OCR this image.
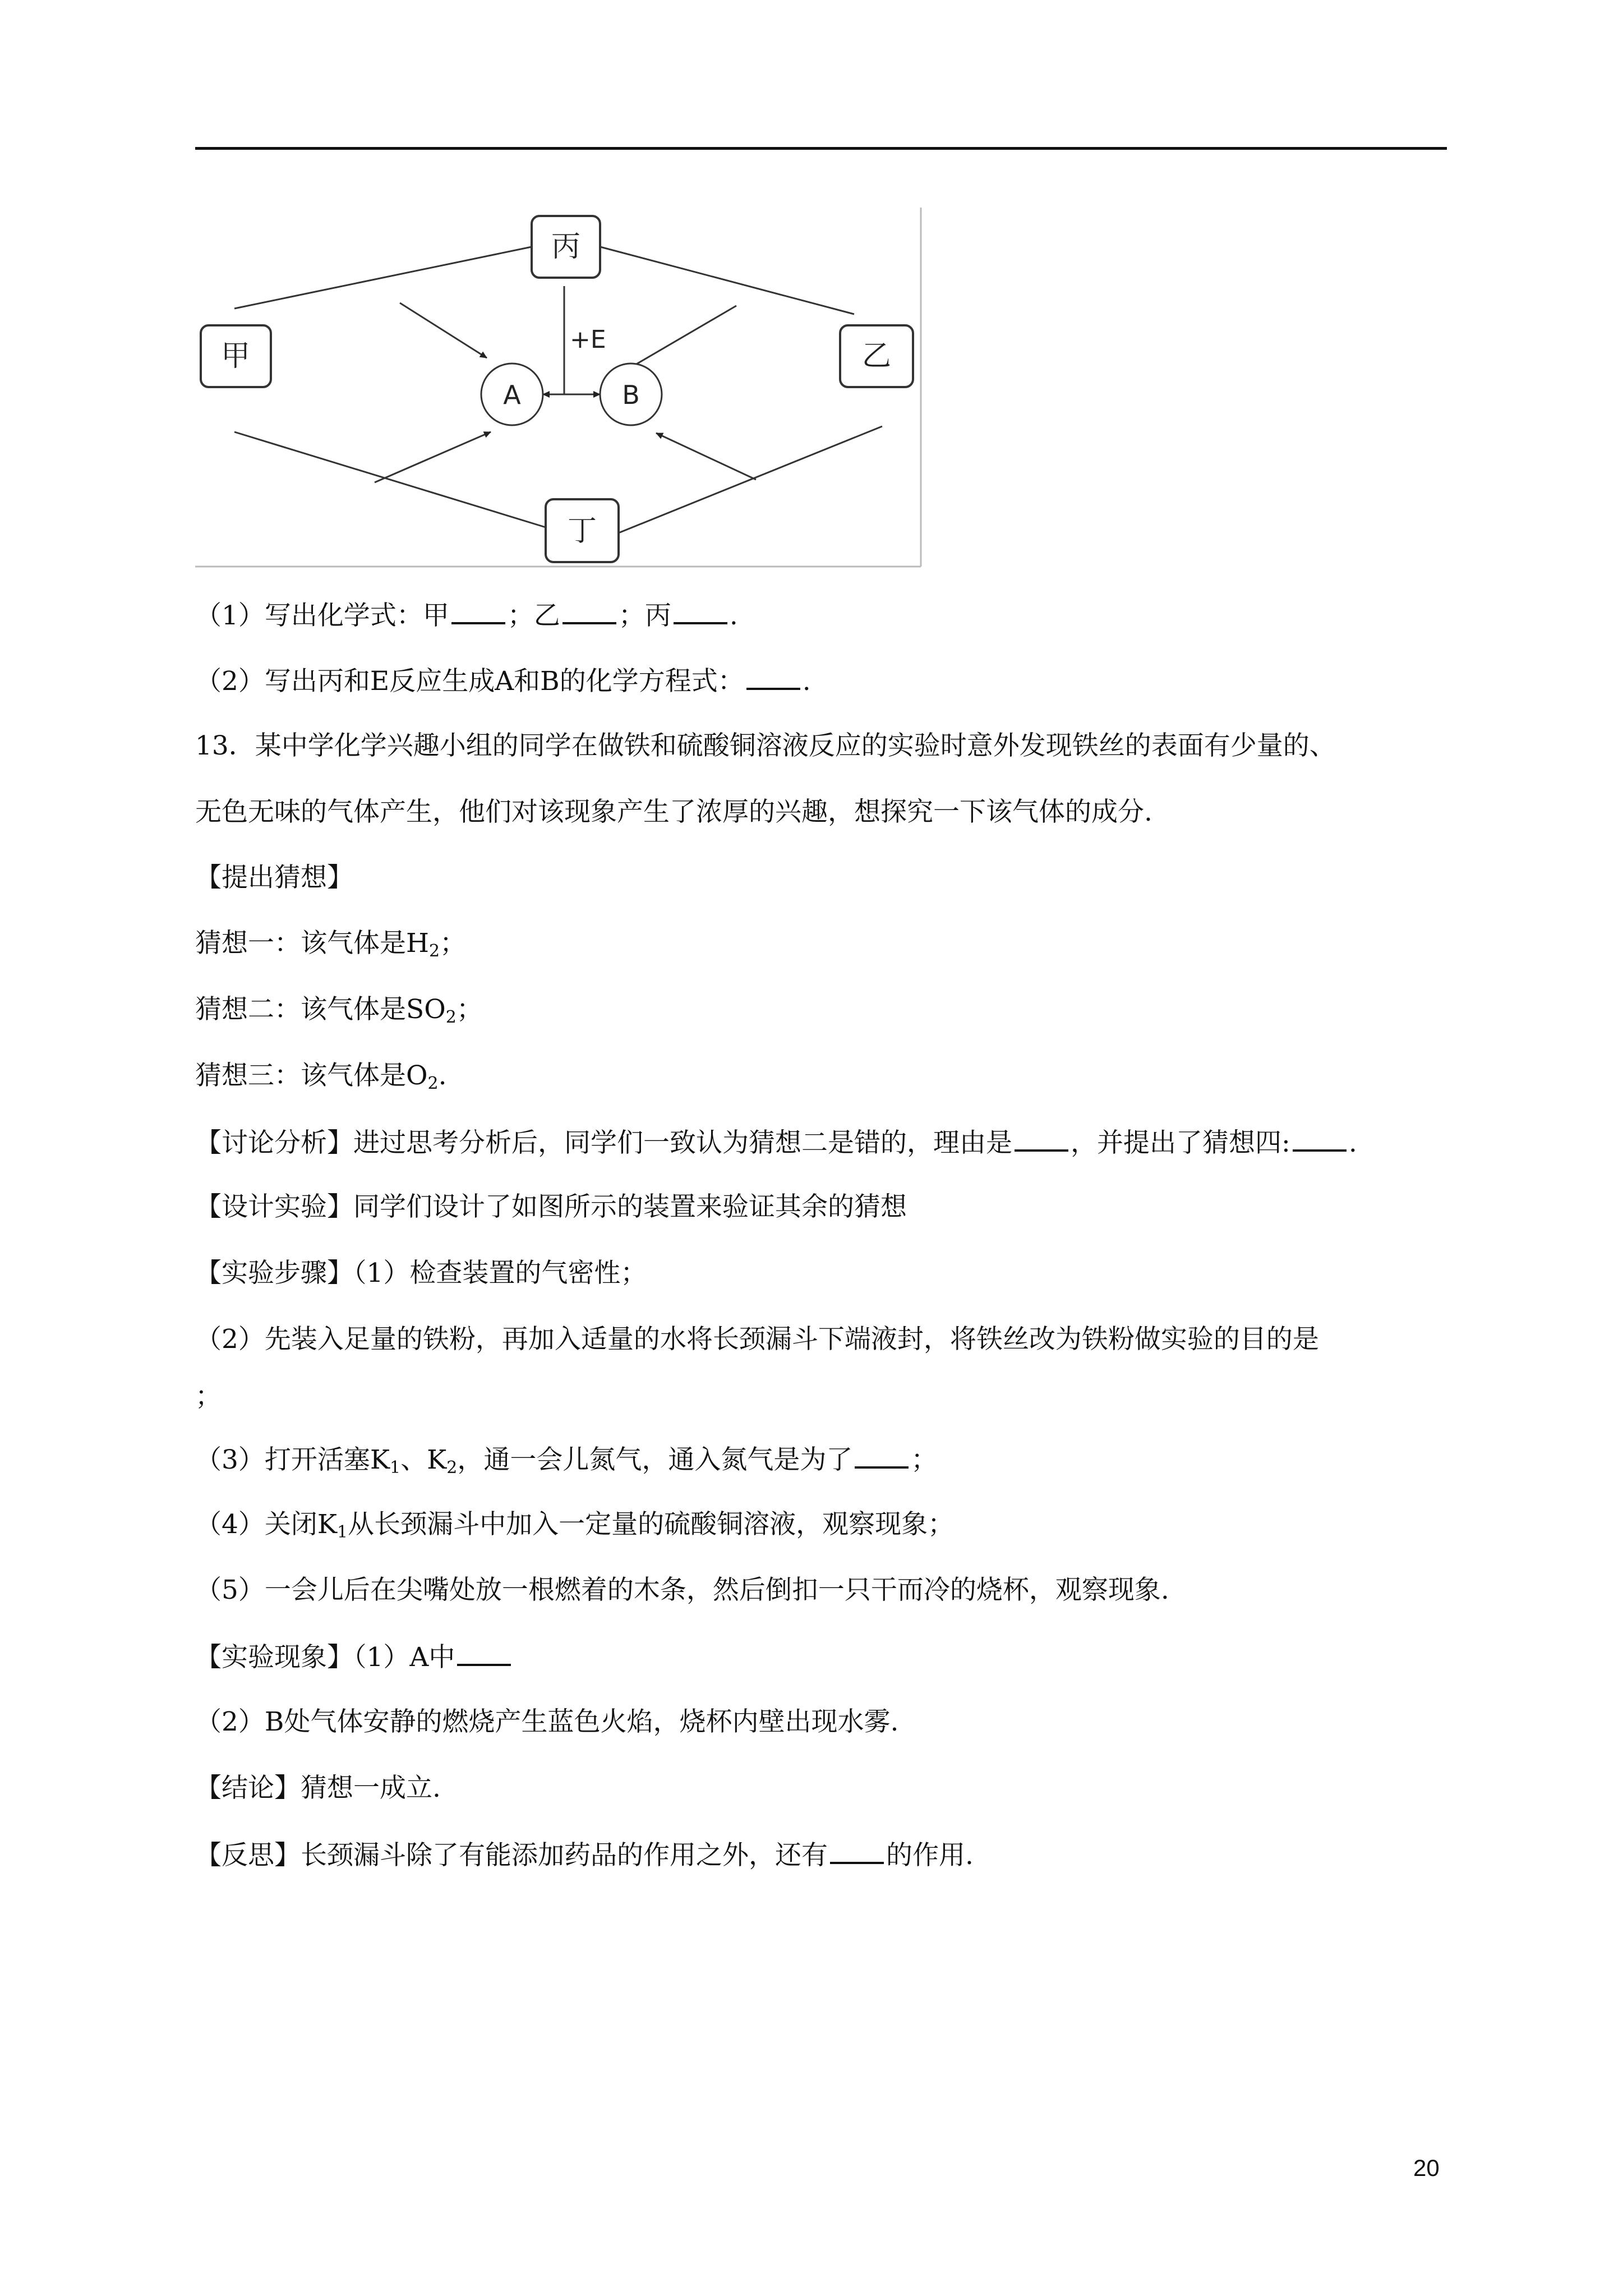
+E
丙
甲	乙
丁
A	B
（1）写出化学式：甲 ；乙 ；丙 .
（2）写出丙和E反应生成A和B的化学方程式： .
13．某中学化学兴趣小组的同学在做铁和硫酸铜溶液反应的实验时意外发现铁丝的表面有少量的、
无色无味的气体产生，他们对该现象产生了浓厚的兴趣，想探究一下该气体的成分.
【提出猜想】
猜想一：该气体是$H_2$；
猜想二：该气体是$SO_2$；
猜想三：该气体是$O_2$.
【讨论分析】进过思考分析后，同学们一致认为猜想二是错的，理由是 ，并提出了猜想四: .
【设计实验】同学们设计了如图所示的装置来验证其余的猜想
【实验步骤】（1）检查装置的气密性；
（2）先装入足量的铁粉，再加入适量的水将长颈漏斗下端液封，将铁丝改为铁粉做实验的目的是
；
（3）打开活塞$K_1$、$K_2$，通一会儿氮气，通入氮气是为了 ；
（4）关闭$K_1$从长颈漏斗中加入一定量的硫酸铜溶液，观察现象；
（5）一会儿后在尖嘴处放一根燃着的木条，然后倒扣一只干而冷的烧杯，观察现象.
【实验现象】（1）A中
（2）B处气体安静的燃烧产生蓝色火焰，烧杯内壁出现水雾.
【结论】猜想一成立.
【反思】长颈漏斗除了有能添加药品的作用之外，还有 的作用.
20
